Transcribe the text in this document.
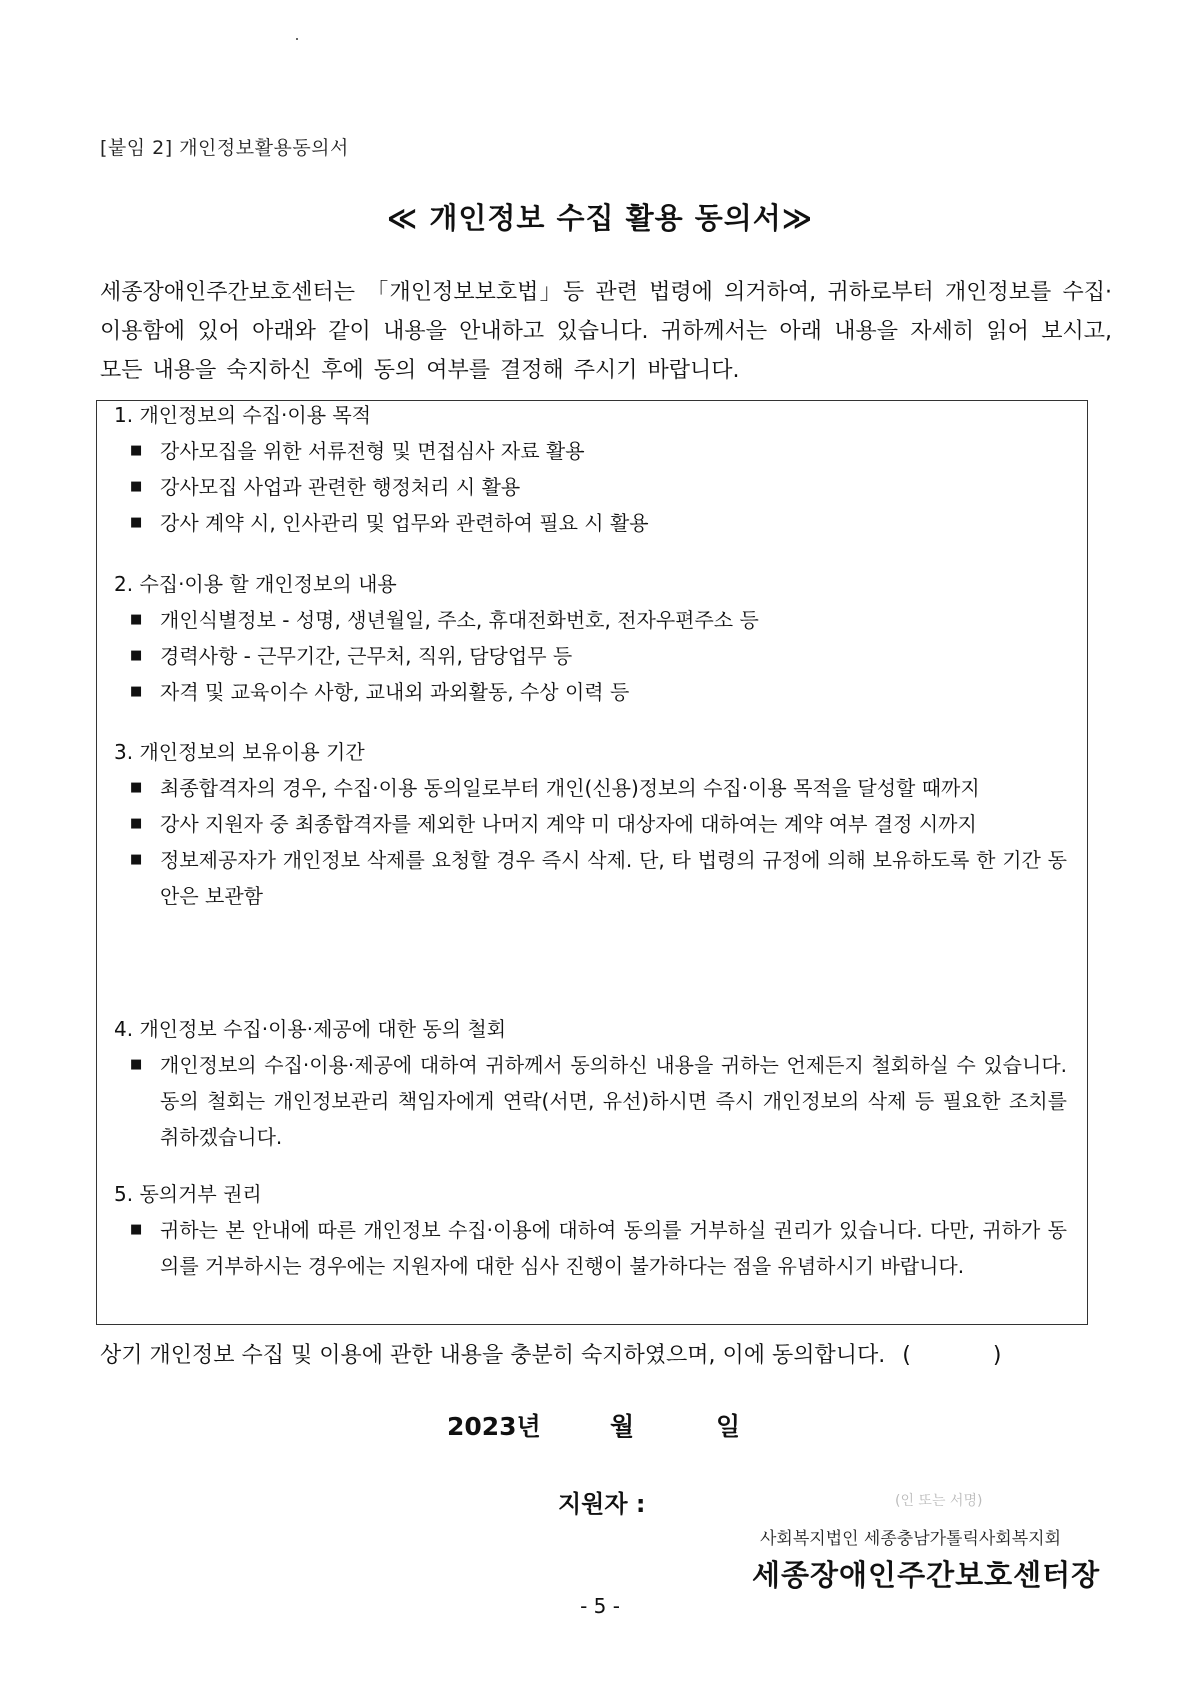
[붙임 2] 개인정보활용동의서
≪ 개인정보 수집 활용 동의서≫
세종장애인주간보호센터는 「개인정보보호법」등 관련 법령에 의거하여, 귀하로부터 개인정보를 수집·이용함에 있어 아래와 같이 내용을 안내하고 있습니다. 귀하께서는 아래 내용을 자세히 읽어 보시고, 모든 내용을 숙지하신 후에 동의 여부를 결정해 주시기 바랍니다.
1. 개인정보의 수집·이용 목적
■ 강사모집을 위한 서류전형 및 면접심사 자료 활용
■ 강사모집 사업과 관련한 행정처리 시 활용
■ 강사 계약 시, 인사관리 및 업무와 관련하여 필요 시 활용
2. 수집·이용 할 개인정보의 내용
■ 개인식별정보 - 성명, 생년월일, 주소, 휴대전화번호, 전자우편주소 등
■ 경력사항 - 근무기간, 근무처, 직위, 담당업무 등
■ 자격 및 교육이수 사항, 교내외 과외활동, 수상 이력 등
3. 개인정보의 보유이용 기간
■ 최종합격자의 경우, 수집·이용 동의일로부터 개인(신용)정보의 수집·이용 목적을 달성할 때까지
■ 강사 지원자 중 최종합격자를 제외한 나머지 계약 미 대상자에 대하여는 계약 여부 결정 시까지
■ 정보제공자가 개인정보 삭제를 요청할 경우 즉시 삭제. 단, 타 법령의 규정에 의해 보유하도록 한 기간 동안은 보관함
4. 개인정보 수집·이용·제공에 대한 동의 철회
■ 개인정보의 수집·이용·제공에 대하여 귀하께서 동의하신 내용을 귀하는 언제든지 철회하실 수 있습니다. 동의 철회는 개인정보관리 책임자에게 연락(서면, 유선)하시면 즉시 개인정보의 삭제 등 필요한 조치를 취하겠습니다.
5. 동의거부 권리
■ 귀하는 본 안내에 따른 개인정보 수집·이용에 대하여 동의를 거부하실 권리가 있습니다. 다만, 귀하가 동의를 거부하시는 경우에는 지원자에 대한 심사 진행이 불가하다는 점을 유념하시기 바랍니다.
상기 개인정보 수집 및 이용에 관한 내용을 충분히 숙지하였으며, 이에 동의합니다. (	)
2023년	월	일
지원자 :	(인 또는 서명)
사회복지법인 세종충남가톨릭사회복지회
세종장애인주간보호센터장
- 5 -
